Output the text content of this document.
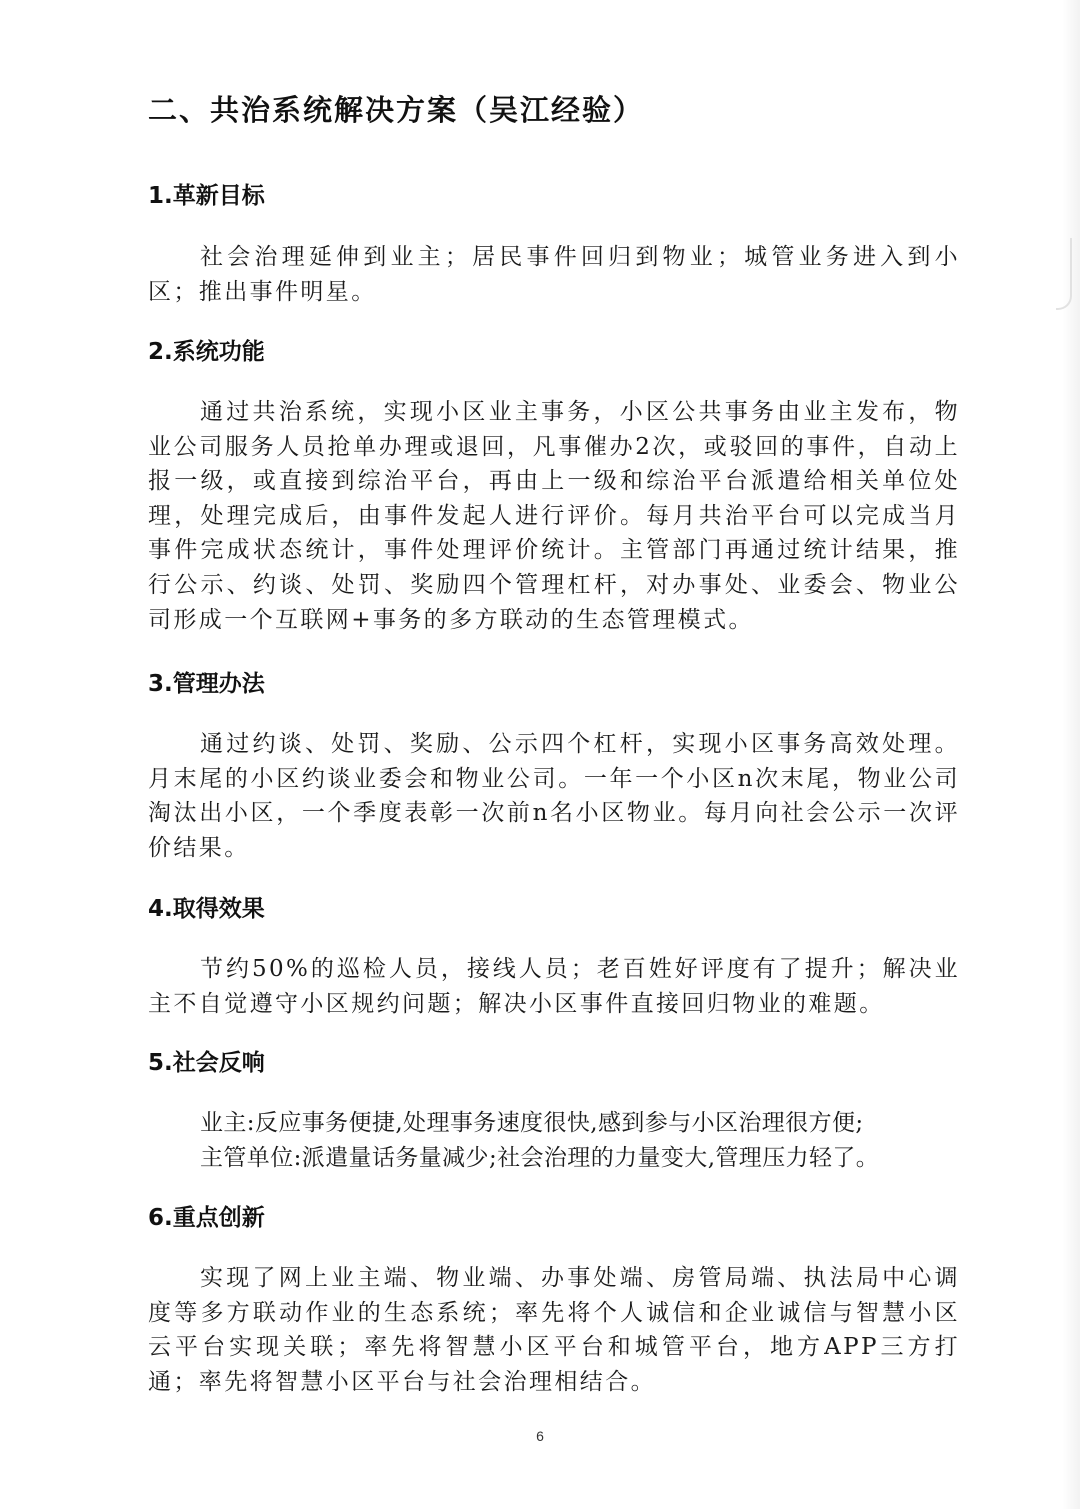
二、共治系统解决方案（吴江经验）
1.革新目标

社会治理延伸到业主；居民事件回归到物业；城管业务进入到小区；推出事件明星。

2.系统功能

通过共治系统，实现小区业主事务，小区公共事务由业主发布，物业公司服务人员抢单办理或退回，凡事催办2次，或驳回的事件，自动上报一级，或直接到综治平台，再由上一级和综治平台派遣给相关单位处理，处理完成后，由事件发起人进行评价。每月共治平台可以完成当月事件完成状态统计，事件处理评价统计。主管部门再通过统计结果，推行公示、约谈、处罚、奖励四个管理杠杆，对办事处、业委会、物业公司形成一个互联网+事务的多方联动的生态管理模式。

3.管理办法

通过约谈、处罚、奖励、公示四个杠杆，实现小区事务高效处理。月末尾的小区约谈业委会和物业公司。一年一个小区n次末尾，物业公司淘汰出小区，一个季度表彰一次前n名小区物业。每月向社会公示一次评价结果。

4.取得效果

节约50%的巡检人员，接线人员；老百姓好评度有了提升；解决业主不自觉遵守小区规约问题；解决小区事件直接回归物业的难题。

5.社会反响

业主:反应事务便捷,处理事务速度很快,感到参与小区治理很方便;

主管单位:派遣量话务量减少;社会治理的力量变大,管理压力轻了。

6.重点创新

实现了网上业主端、物业端、办事处端、房管局端、执法局中心调度等多方联动作业的生态系统；率先将个人诚信和企业诚信与智慧小区云平台实现关联；率先将智慧小区平台和城管平台，地方APP三方打通；率先将智慧小区平台与社会治理相结合。

6
